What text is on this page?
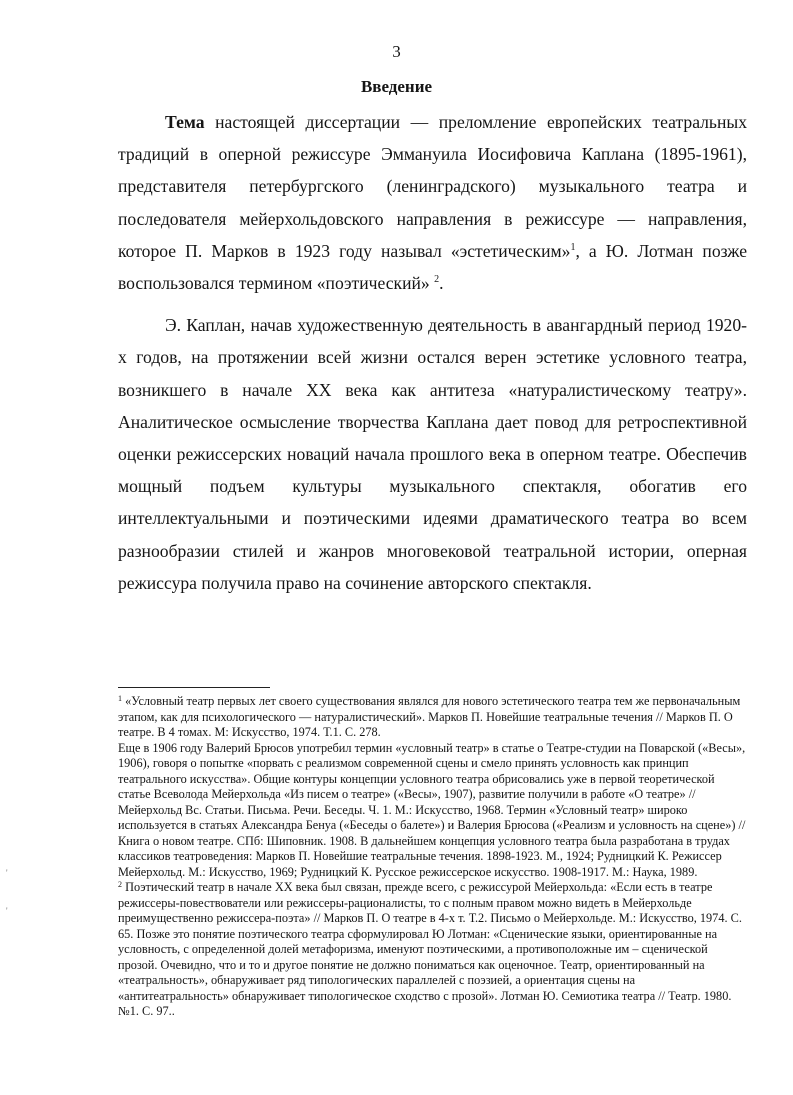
3
Введение

Тема настоящей диссертации — преломление европейских театральных традиций в оперной режиссуре Эммануила Иосифовича Каплана (1895-1961), представителя петербургского (ленинградского) музыкального театра и последователя мейерхольдовского направления в режиссуре — направления, которое П. Марков в 1923 году называл «эстетическим»$^1$, а Ю. Лотман позже воспользовался термином «поэтический» $^2$.

Э. Каплан, начав художественную деятельность в авангардный период 1920-х годов, на протяжении всей жизни остался верен эстетике условного театра, возникшего в начале XX века как антитеза «натуралистическому театру». Аналитическое осмысление творчества Каплана дает повод для ретроспективной оценки режиссерских новаций начала прошлого века в оперном театре. Обеспечив мощный подъем культуры музыкального спектакля, обогатив его интеллектуальными и поэтическими идеями драматического театра во всем разнообразии стилей и жанров многовековой театральной истории, оперная режиссура получила право на сочинение авторского спектакля.

$^1$ «Условный театр первых лет своего существования являлся для нового эстетического театра тем же первоначальным этапом, как для психологического — натуралистический». Марков П. Новейшие театральные течения // Марков П. О театре. В 4 томах. М: Искусство, 1974. Т.1. С. 278.

Еще в 1906 году Валерий Брюсов употребил термин «условный театр» в статье о Театре-студии на Поварской («Весы», 1906), говоря о попытке «порвать с реализмом современной сцены и смело принять условность как принцип театрального искусства». Общие контуры концепции условного театра обрисовались уже в первой теоретической статье Всеволода Мейерхольда «Из писем о театре» («Весы», 1907), развитие получили в работе «О театре» // Мейерхольд Вс. Статьи. Письма. Речи. Беседы. Ч. 1. М.: Искусство, 1968. Термин «Условный театр» широко используется в статьях Александра Бенуа («Беседы о балете») и Валерия Брюсова («Реализм и условность на сцене») // Книга о новом театре. СПб: Шиповник. 1908. В дальнейшем концепция условного театра была разработана в трудах классиков театроведения: Марков П. Новейшие театральные течения. 1898-1923. М., 1924; Рудницкий К. Режиссер Мейерхольд. М.: Искусство, 1969; Рудницкий К. Русское режиссерское искусство. 1908-1917. М.: Наука, 1989.

$^2$ Поэтический театр в начале XX века был связан, прежде всего, с режиссурой Мейерхольда: «Если есть в театре режиссеры-повествователи или режиссеры-рационалисты, то с полным правом можно видеть в Мейерхольде преимущественно режиссера-поэта» // Марков П. О театре в 4-х т. Т.2. Письмо о Мейерхольде. М.: Искусство, 1974. С. 65. Позже это понятие поэтического театра сформулировал Ю Лотман: «Сценические языки, ориентированные на условность, с определенной долей метафоризма, именуют поэтическими, а противоположные им – сценической прозой. Очевидно, что и то и другое понятие не должно пониматься как оценочное. Театр, ориентированный на «театральность», обнаруживает ряд типологических параллелей с поэзией, а ориентация сцены на «антитеатральность» обнаруживает типологическое сходство с прозой». Лотман Ю. Семиотика театра // Театр. 1980. №1. С. 97..

'
'
